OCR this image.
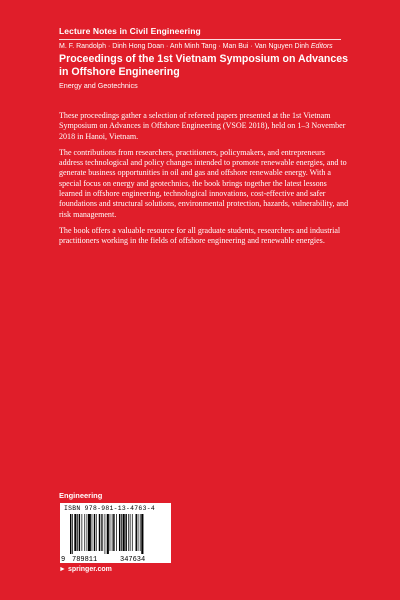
Lecture Notes in Civil Engineering
M. F. Randolph · Dinh Hong Doan · Anh Minh Tang · Man Bui · Van Nguyen Dinh Editors
Proceedings of the 1st Vietnam Symposium on Advances in Offshore Engineering
Energy and Geotechnics

These proceedings gather a selection of refereed papers presented at the 1st Vietnam Symposium on Advances in Offshore Engineering (VSOE 2018), held on 1–3 November 2018 in Hanoi, Vietnam.

The contributions from researchers, practitioners, policymakers, and entrepreneurs address technological and policy changes intended to promote renewable energies, and to generate business opportunities in oil and gas and offshore renewable energy. With a special focus on energy and geotechnics, the book brings together the latest lessons learned in offshore engineering, technological innovations, cost-effective and safer foundations and structural solutions, environmental protection, hazards, vulnerability, and risk management.

The book offers a valuable resource for all graduate students, researchers and industrial practitioners working in the fields of offshore engineering and renewable energies.

Engineering
ISBN 978-981-13-4763-4
9 789811	347634
► springer.com
